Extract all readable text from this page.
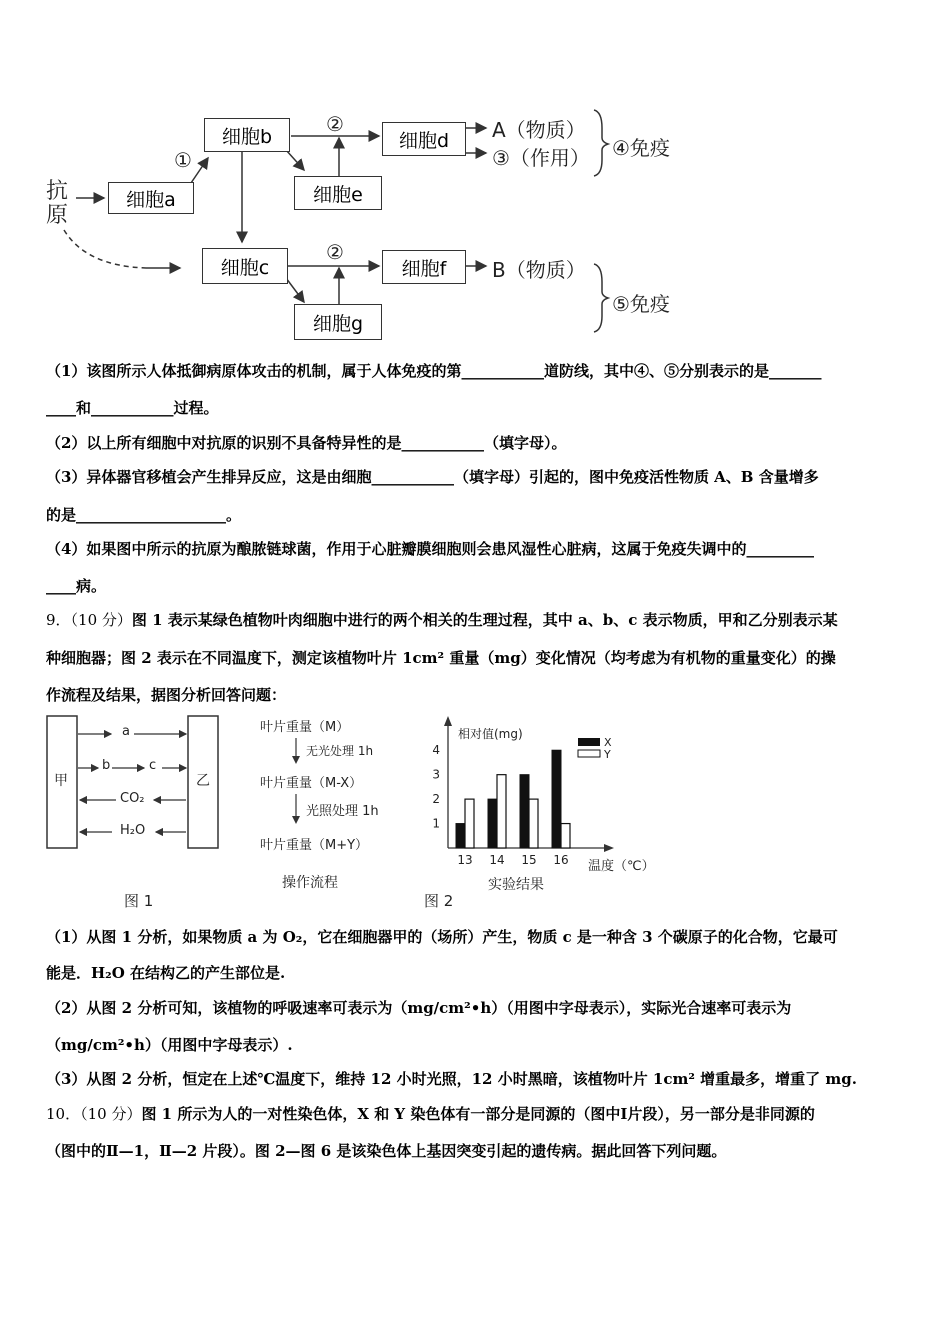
抗
原
细胞a
①
细胞b
②
细胞d
细胞e
A（物质）
③（作用） ④免疫
细胞c
②
细胞f
细胞g
B（物质）
⑤免疫
（1）该图所示人体抵御病原体攻击的机制，属于人体免疫的第___________道防线，其中④、⑤分别表示的是_______
____和___________过程。
（2）以上所有细胞中对抗原的识别不具备特异性的是___________（填字母）。
（3）异体器官移植会产生排异反应，这是由细胞___________（填字母）引起的，图中免疫活性物质 A、B 含量增多
的是____________________。
（4）如果图中所示的抗原为酿脓链球菌，作用于心脏瓣膜细胞则会患风湿性心脏病，这属于免疫失调中的_________
____病。
9．（10 分）图 1 表示某绿色植物叶肉细胞中进行的两个相关的生理过程，其中 a、b、c 表示物质，甲和乙分别表示某
种细胞器；图 2 表示在不同温度下，测定该植物叶片 1cm² 重量（mg）变化情况（均考虑为有机物的重量变化）的操
作流程及结果，据图分析回答问题：
甲	乙
a
b	c
CO₂
H₂O
图 1
叶片重量（M）
无光处理 1h
叶片重量（M-X）
光照处理 1h
叶片重量（M+Y）
操作流程
相对值(mg)
1
2
3
4
13 14 15 16 温度（℃）
X
Y
实验结果
图 2
（1）从图 1 分析，如果物质 a 为 O₂，它在细胞器甲的（场所）产生，物质 c 是一种含 3 个碳原子的化合物，它最可
能是．H₂O 在结构乙的产生部位是.
（2）从图 2 分析可知，该植物的呼吸速率可表示为（mg/cm²•h）（用图中字母表示），实际光合速率可表示为
（mg/cm²•h）（用图中字母表示）.
（3）从图 2 分析，恒定在上述℃温度下，维持 12 小时光照，12 小时黑暗，该植物叶片 1cm² 增重最多，增重了 mg.
10．（10 分）图 1 所示为人的一对性染色体，X 和 Y 染色体有一部分是同源的（图中Ⅰ片段），另一部分是非同源的
（图中的Ⅱ—1，Ⅱ—2 片段）。图 2—图 6 是该染色体上基因突变引起的遗传病。据此回答下列问题。
